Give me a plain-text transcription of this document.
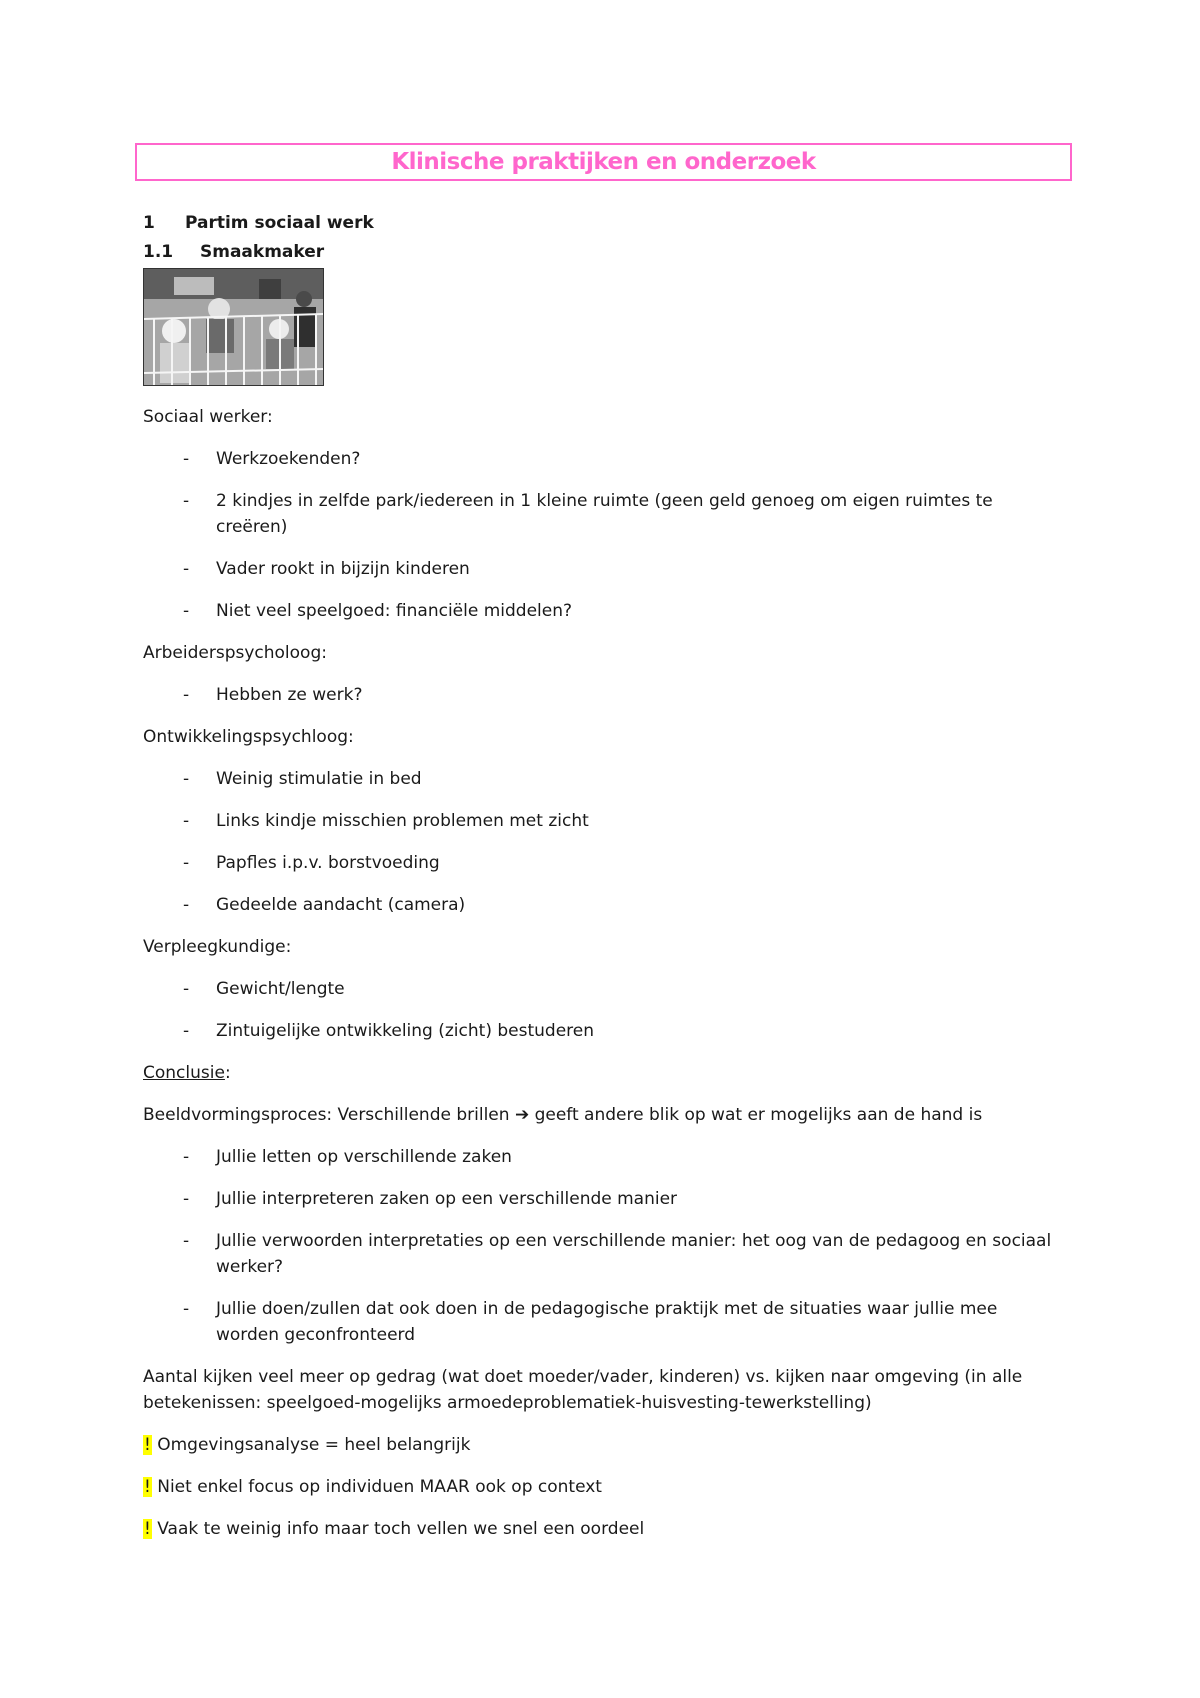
Klinische praktijken en onderzoek
1	Partim sociaal werk
1.1	Smaakmaker

Sociaal werker:

- Werkzoekenden?
- 2 kindjes in zelfde park/iedereen in 1 kleine ruimte (geen geld genoeg om eigen ruimtes te creëren)
- Vader rookt in bijzijn kinderen
- Niet veel speelgoed: financiële middelen?

Arbeiderspsycholoog:

- Hebben ze werk?

Ontwikkelingspsychloog:

- Weinig stimulatie in bed
- Links kindje misschien problemen met zicht
- Papfles i.p.v. borstvoeding
- Gedeelde aandacht (camera)

Verpleegkundige:

- Gewicht/lengte
- Zintuigelijke ontwikkeling (zicht) bestuderen

Conclusie:

Beeldvormingsproces: Verschillende brillen ➔ geeft andere blik op wat er mogelijks aan de hand is

- Jullie letten op verschillende zaken
- Jullie interpreteren zaken op een verschillende manier
- Jullie verwoorden interpretaties op een verschillende manier: het oog van de pedagoog en sociaal werker?
- Jullie doen/zullen dat ook doen in de pedagogische praktijk met de situaties waar jullie mee worden geconfronteerd

Aantal kijken veel meer op gedrag (wat doet moeder/vader, kinderen) vs. kijken naar omgeving (in alle betekenissen: speelgoed-mogelijks armoedeproblematiek-huisvesting-tewerkstelling)

! Omgevingsanalyse = heel belangrijk

! Niet enkel focus op individuen MAAR ook op context

! Vaak te weinig info maar toch vellen we snel een oordeel
